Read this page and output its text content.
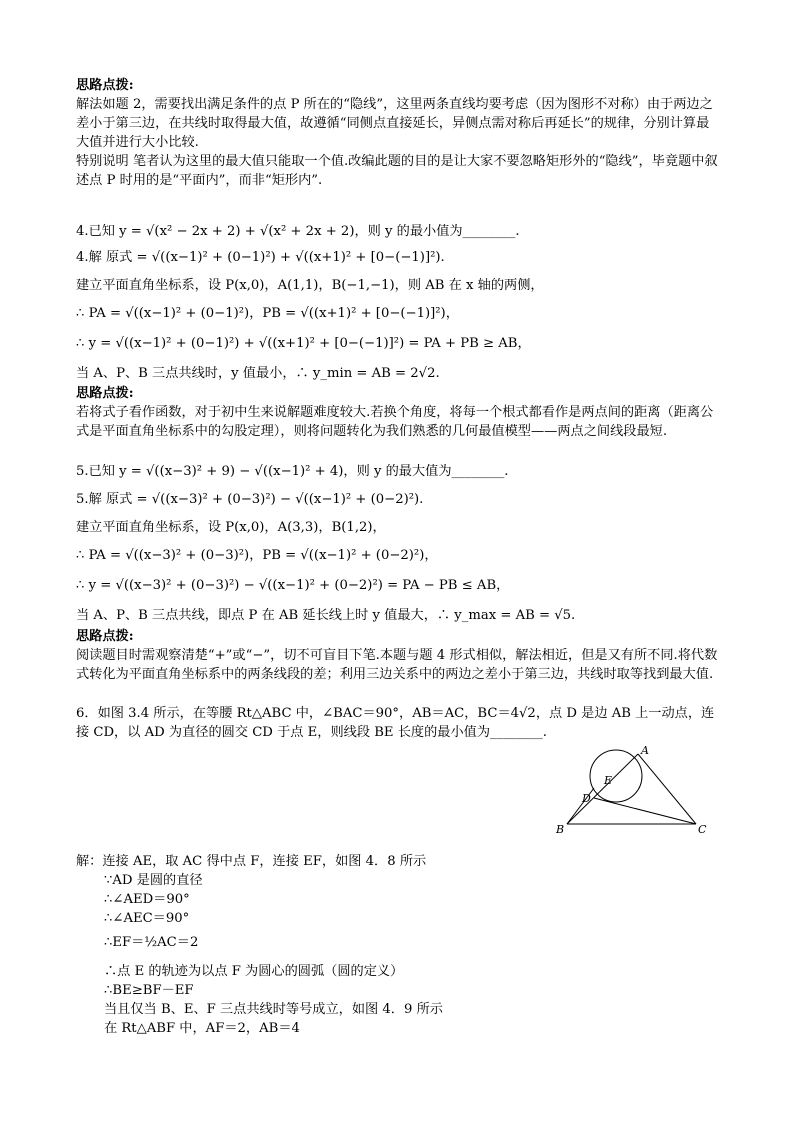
思路点拨:
解法如题 2，需要找出满足条件的点 P 所在的“隐线”，这里两条直线均要考虑（因为图形不对称）由于两边之差小于第三边，在共线时取得最大值，故遵循“同侧点直接延长，异侧点需对称后再延长”的规律，分别计算最大值并进行大小比较.
特别说明 笔者认为这里的最大值只能取一个值.改编此题的目的是让大家不要忽略矩形外的“隐线”，毕竟题中叙述点 P 时用的是“平面内”，而非“矩形内”.
4.已知 y = √(x² − 2x + 2) + √(x² + 2x + 2)，则 y 的最小值为________.
4.解 原式 = √((x−1)² + (0−1)²) + √((x+1)² + [0−(−1)]²).
建立平面直角坐标系，设 P(x,0)，A(1,1)，B(−1,−1)，则 AB 在 x 轴的两侧，
∴ PA = √((x−1)² + (0−1)²)，PB = √((x+1)² + [0−(−1)]²)，
∴ y = √((x−1)² + (0−1)²) + √((x+1)² + [0−(−1)]²) = PA + PB ≥ AB，
当 A、P、B 三点共线时，y 值最小，∴ y_min = AB = 2√2.
思路点拨:
若将式子看作函数，对于初中生来说解题难度较大.若换个角度，将每一个根式都看作是两点间的距离（距离公式是平面直角坐标系中的勾股定理），则将问题转化为我们熟悉的几何最值模型——两点之间线段最短.
5.已知 y = √((x−3)² + 9) − √((x−1)² + 4)，则 y 的最大值为________.
5.解 原式 = √((x−3)² + (0−3)²) − √((x−1)² + (0−2)²).
建立平面直角坐标系，设 P(x,0)，A(3,3)，B(1,2)，
∴ PA = √((x−3)² + (0−3)²)，PB = √((x−1)² + (0−2)²)，
∴ y = √((x−3)² + (0−3)²) − √((x−1)² + (0−2)²) = PA − PB ≤ AB，
当 A、P、B 三点共线，即点 P 在 AB 延长线上时 y 值最大，∴ y_max = AB = √5.
思路点拨:
阅读题目时需观察清楚“+”或“−”，切不可盲目下笔.本题与题 4 形式相似，解法相近，但是又有所不同.将代数式转化为平面直角坐标系中的两条线段的差；利用三边关系中的两边之差小于第三边，共线时取等找到最大值.
6．如图 3.4 所示，在等腰 Rt△ABC 中，∠BAC＝90°，AB＝AC，BC＝4√2，点 D 是边 AB 上一动点，连接 CD，以 AD 为直径的圆交 CD 于点 E，则线段 BE 长度的最小值为________.
A
B	C
D
E
解：连接 AE，取 AC 得中点 F，连接 EF，如图 4．8 所示
∵AD 是圆的直径
∴∠AED＝90°
∴∠AEC＝90°
∴EF＝½AC＝2
∴点 E 的轨迹为以点 F 为圆心的圆弧（圆的定义）
∴BE≥BF－EF
当且仅当 B、E、F 三点共线时等号成立，如图 4．9 所示
在 Rt△ABF 中，AF＝2，AB＝4
